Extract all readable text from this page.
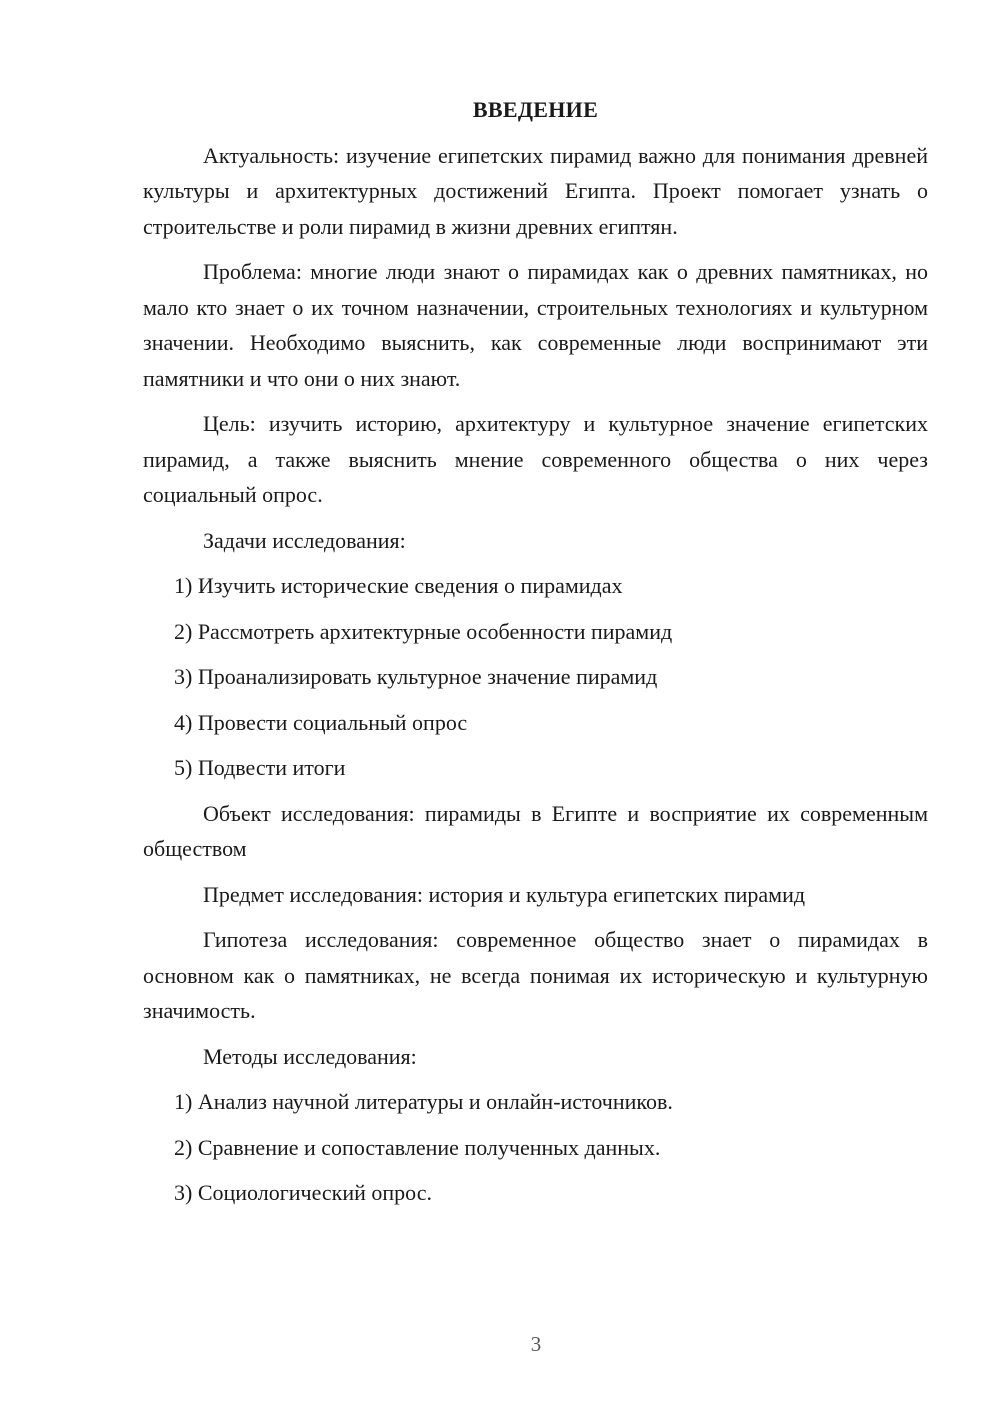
ВВЕДЕНИЕ

Актуальность: изучение египетских пирамид важно для понимания древней культуры и архитектурных достижений Египта. Проект помогает узнать о строительстве и роли пирамид в жизни древних египтян.

Проблема: многие люди знают о пирамидах как о древних памятниках, но мало кто знает о их точном назначении, строительных технологиях и культурном значении. Необходимо выяснить, как современные люди воспринимают эти памятники и что они о них знают.

Цель: изучить историю, архитектуру и культурное значение египетских пирамид, а также выяснить мнение современного общества о них через социальный опрос.

Задачи исследования:

1) Изучить исторические сведения о пирамидах

2) Рассмотреть архитектурные особенности пирамид

3) Проанализировать культурное значение пирамид

4) Провести социальный опрос

5) Подвести итоги

Объект исследования: пирамиды в Египте и восприятие их современным обществом

Предмет исследования: история и культура египетских пирамид

Гипотеза исследования: современное общество знает о пирамидах в основном как о памятниках, не всегда понимая их историческую и культурную значимость.

Методы исследования:

1) Анализ научной литературы и онлайн-источников.

2) Сравнение и сопоставление полученных данных.

3) Социологический опрос.

3
